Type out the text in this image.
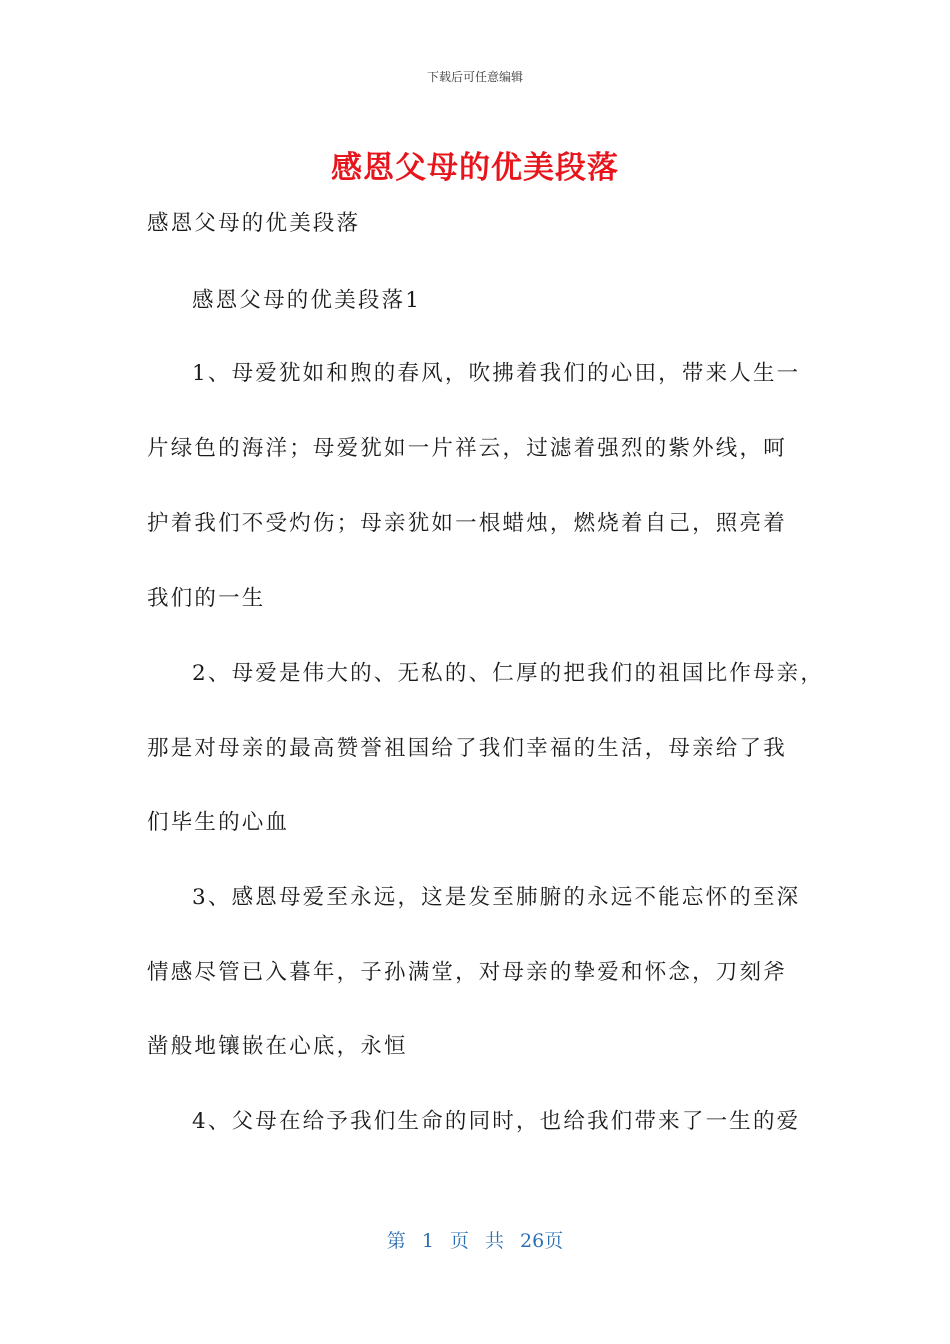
下载后可任意编辑
感恩父母的优美段落
感恩父母的优美段落
感恩父母的优美段落1
1、母爱犹如和煦的春风，吹拂着我们的心田，带来人生一
片绿色的海洋；母爱犹如一片祥云，过滤着强烈的紫外线，呵
护着我们不受灼伤；母亲犹如一根蜡烛，燃烧着自己，照亮着
我们的一生
2、母爱是伟大的、无私的、仁厚的把我们的祖国比作母亲，
那是对母亲的最高赞誉祖国给了我们幸福的生活，母亲给了我
们毕生的心血
3、感恩母爱至永远，这是发至肺腑的永远不能忘怀的至深
情感尽管已入暮年，子孙满堂，对母亲的挚爱和怀念，刀刻斧
凿般地镶嵌在心底，永恒
4、父母在给予我们生命的同时，也给我们带来了一生的爱
第 1 页 共 26页
